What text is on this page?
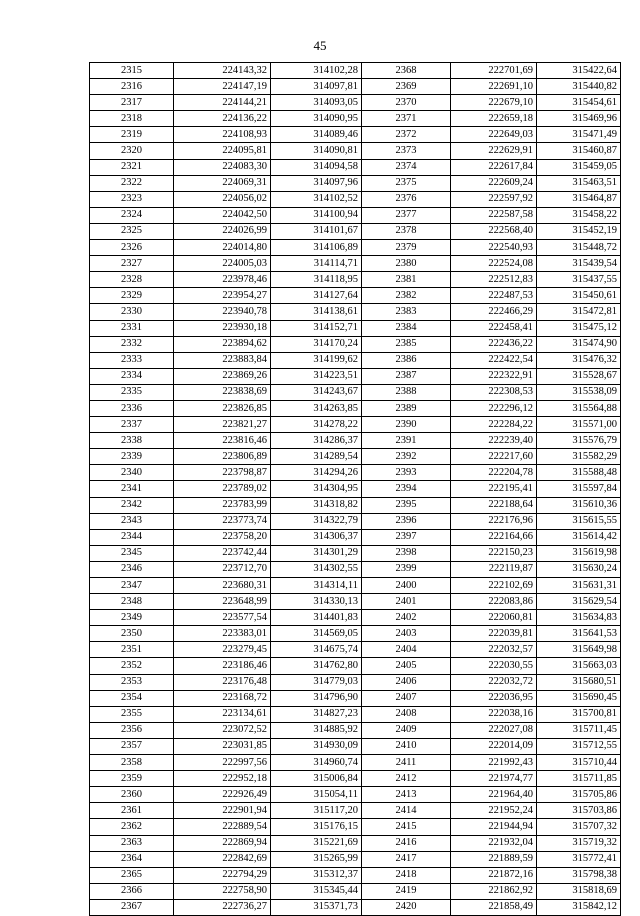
45
2315	224143,32	314102,28	2368	222701,69	315422,64
2316	224147,19	314097,81	2369	222691,10	315440,82
2317	224144,21	314093,05	2370	222679,10	315454,61
2318	224136,22	314090,95	2371	222659,18	315469,96
2319	224108,93	314089,46	2372	222649,03	315471,49
2320	224095,81	314090,81	2373	222629,91	315460,87
2321	224083,30	314094,58	2374	222617,84	315459,05
2322	224069,31	314097,96	2375	222609,24	315463,51
2323	224056,02	314102,52	2376	222597,92	315464,87
2324	224042,50	314100,94	2377	222587,58	315458,22
2325	224026,99	314101,67	2378	222568,40	315452,19
2326	224014,80	314106,89	2379	222540,93	315448,72
2327	224005,03	314114,71	2380	222524,08	315439,54
2328	223978,46	314118,95	2381	222512,83	315437,55
2329	223954,27	314127,64	2382	222487,53	315450,61
2330	223940,78	314138,61	2383	222466,29	315472,81
2331	223930,18	314152,71	2384	222458,41	315475,12
2332	223894,62	314170,24	2385	222436,22	315474,90
2333	223883,84	314199,62	2386	222422,54	315476,32
2334	223869,26	314223,51	2387	222322,91	315528,67
2335	223838,69	314243,67	2388	222308,53	315538,09
2336	223826,85	314263,85	2389	222296,12	315564,88
2337	223821,27	314278,22	2390	222284,22	315571,00
2338	223816,46	314286,37	2391	222239,40	315576,79
2339	223806,89	314289,54	2392	222217,60	315582,29
2340	223798,87	314294,26	2393	222204,78	315588,48
2341	223789,02	314304,95	2394	222195,41	315597,84
2342	223783,99	314318,82	2395	222188,64	315610,36
2343	223773,74	314322,79	2396	222176,96	315615,55
2344	223758,20	314306,37	2397	222164,66	315614,42
2345	223742,44	314301,29	2398	222150,23	315619,98
2346	223712,70	314302,55	2399	222119,87	315630,24
2347	223680,31	314314,11	2400	222102,69	315631,31
2348	223648,99	314330,13	2401	222083,86	315629,54
2349	223577,54	314401,83	2402	222060,81	315634,83
2350	223383,01	314569,05	2403	222039,81	315641,53
2351	223279,45	314675,74	2404	222032,57	315649,98
2352	223186,46	314762,80	2405	222030,55	315663,03
2353	223176,48	314779,03	2406	222032,72	315680,51
2354	223168,72	314796,90	2407	222036,95	315690,45
2355	223134,61	314827,23	2408	222038,16	315700,81
2356	223072,52	314885,92	2409	222027,08	315711,45
2357	223031,85	314930,09	2410	222014,09	315712,55
2358	222997,56	314960,74	2411	221992,43	315710,44
2359	222952,18	315006,84	2412	221974,77	315711,85
2360	222926,49	315054,11	2413	221964,40	315705,86
2361	222901,94	315117,20	2414	221952,24	315703,86
2362	222889,54	315176,15	2415	221944,94	315707,32
2363	222869,94	315221,69	2416	221932,04	315719,32
2364	222842,69	315265,99	2417	221889,59	315772,41
2365	222794,29	315312,37	2418	221872,16	315798,38
2366	222758,90	315345,44	2419	221862,92	315818,69
2367	222736,27	315371,73	2420	221858,49	315842,12
